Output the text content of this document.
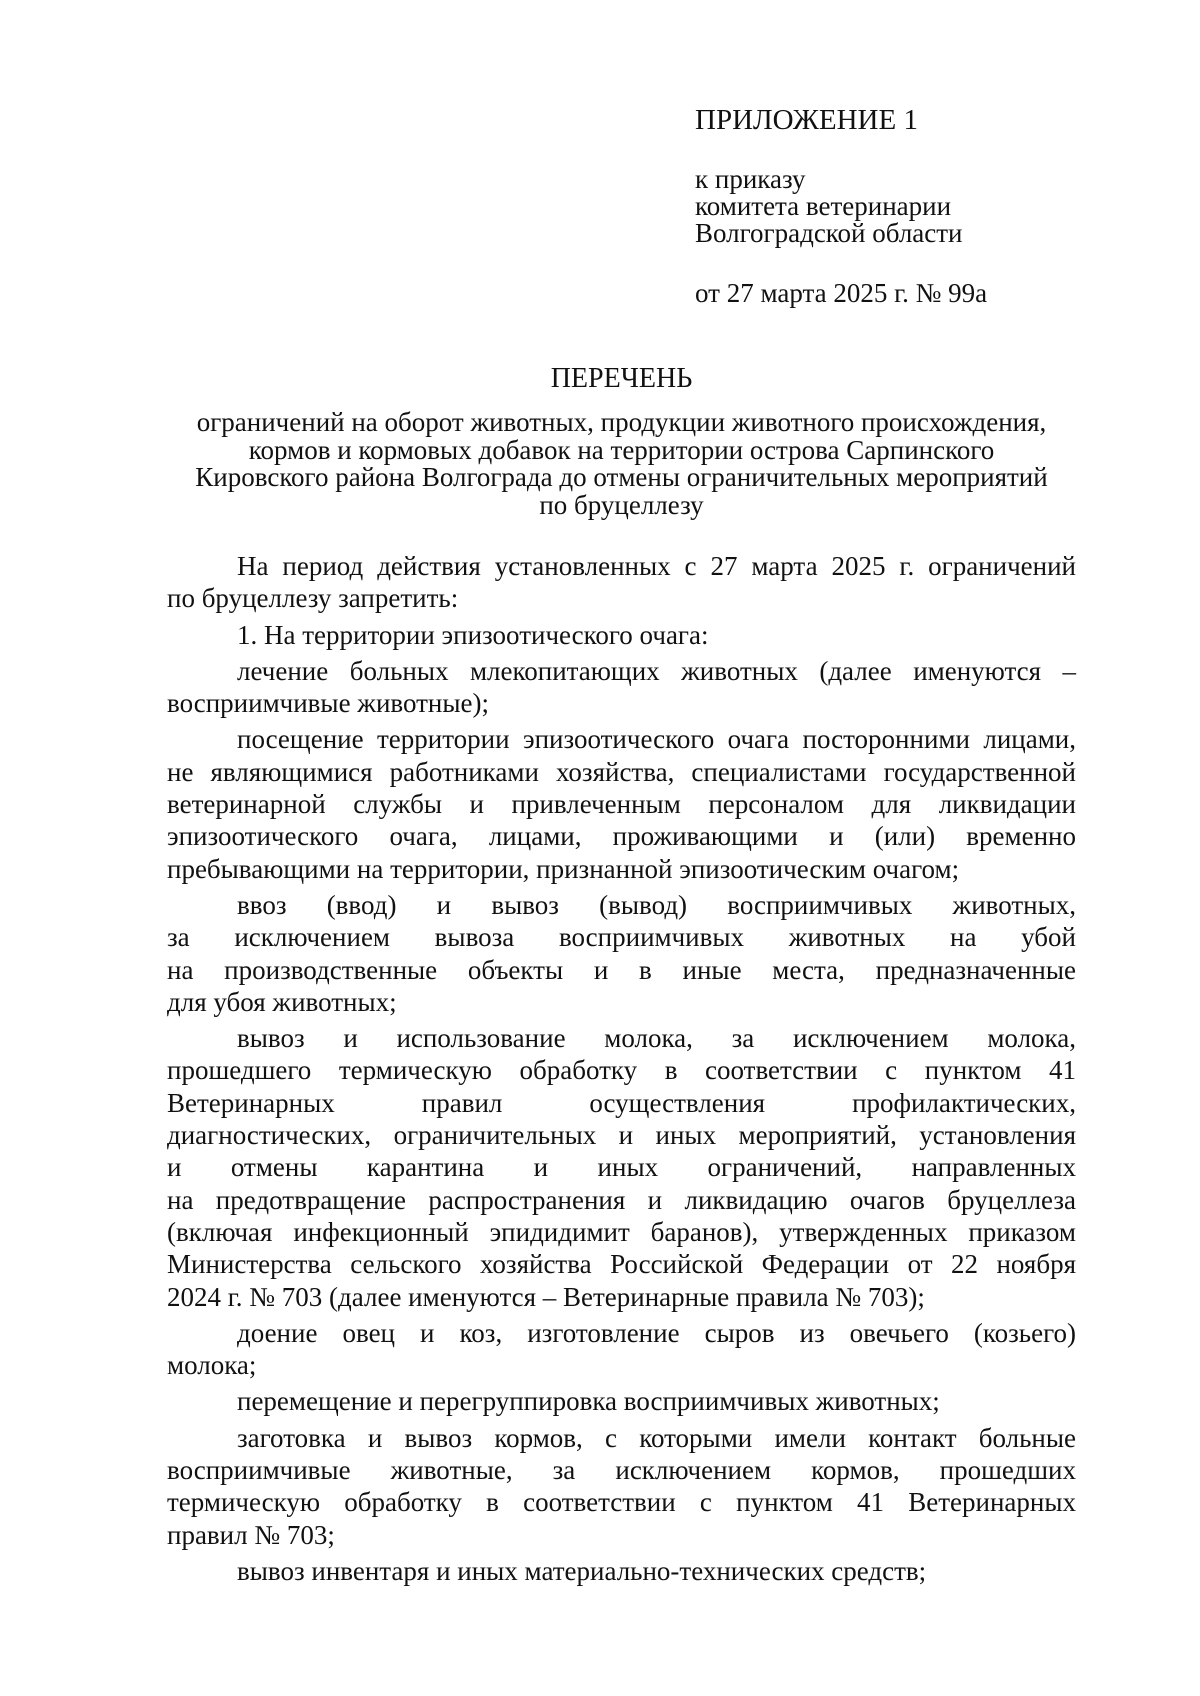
ПРИЛОЖЕНИЕ 1
к приказу
комитета ветеринарии
Волгоградской области
от 27 марта 2025 г. № 99а
ПЕРЕЧЕНЬ
ограничений на оборот животных, продукции животного происхождения,
кормов и кормовых добавок на территории острова Сарпинского
Кировского района Волгограда до отмены ограничительных мероприятий
по бруцеллезу
На период действия установленных с 27 марта 2025 г. ограничений
по бруцеллезу запретить:
1. На территории эпизоотического очага:
лечение больных млекопитающих животных (далее именуются –
восприимчивые животные);
посещение территории эпизоотического очага посторонними лицами,
не являющимися работниками хозяйства, специалистами государственной
ветеринарной службы и привлеченным персоналом для ликвидации
эпизоотического очага, лицами, проживающими и (или) временно
пребывающими на территории, признанной эпизоотическим очагом;
ввоз (ввод) и вывоз (вывод) восприимчивых животных,
за исключением вывоза восприимчивых животных на убой
на производственные объекты и в иные места, предназначенные
для убоя животных;
вывоз и использование молока, за исключением молока,
прошедшего термическую обработку в соответствии с пунктом 41
Ветеринарных правил осуществления профилактических,
диагностических, ограничительных и иных мероприятий, установления
и отмены карантина и иных ограничений, направленных
на предотвращение распространения и ликвидацию очагов бруцеллеза
(включая инфекционный эпидидимит баранов), утвержденных приказом
Министерства сельского хозяйства Российской Федерации от 22 ноября
2024 г. № 703 (далее именуются – Ветеринарные правила № 703);
доение овец и коз, изготовление сыров из овечьего (козьего)
молока;
перемещение и перегруппировка восприимчивых животных;
заготовка и вывоз кормов, с которыми имели контакт больные
восприимчивые животные, за исключением кормов, прошедших
термическую обработку в соответствии с пунктом 41 Ветеринарных
правил № 703;
вывоз инвентаря и иных материально-технических средств;
